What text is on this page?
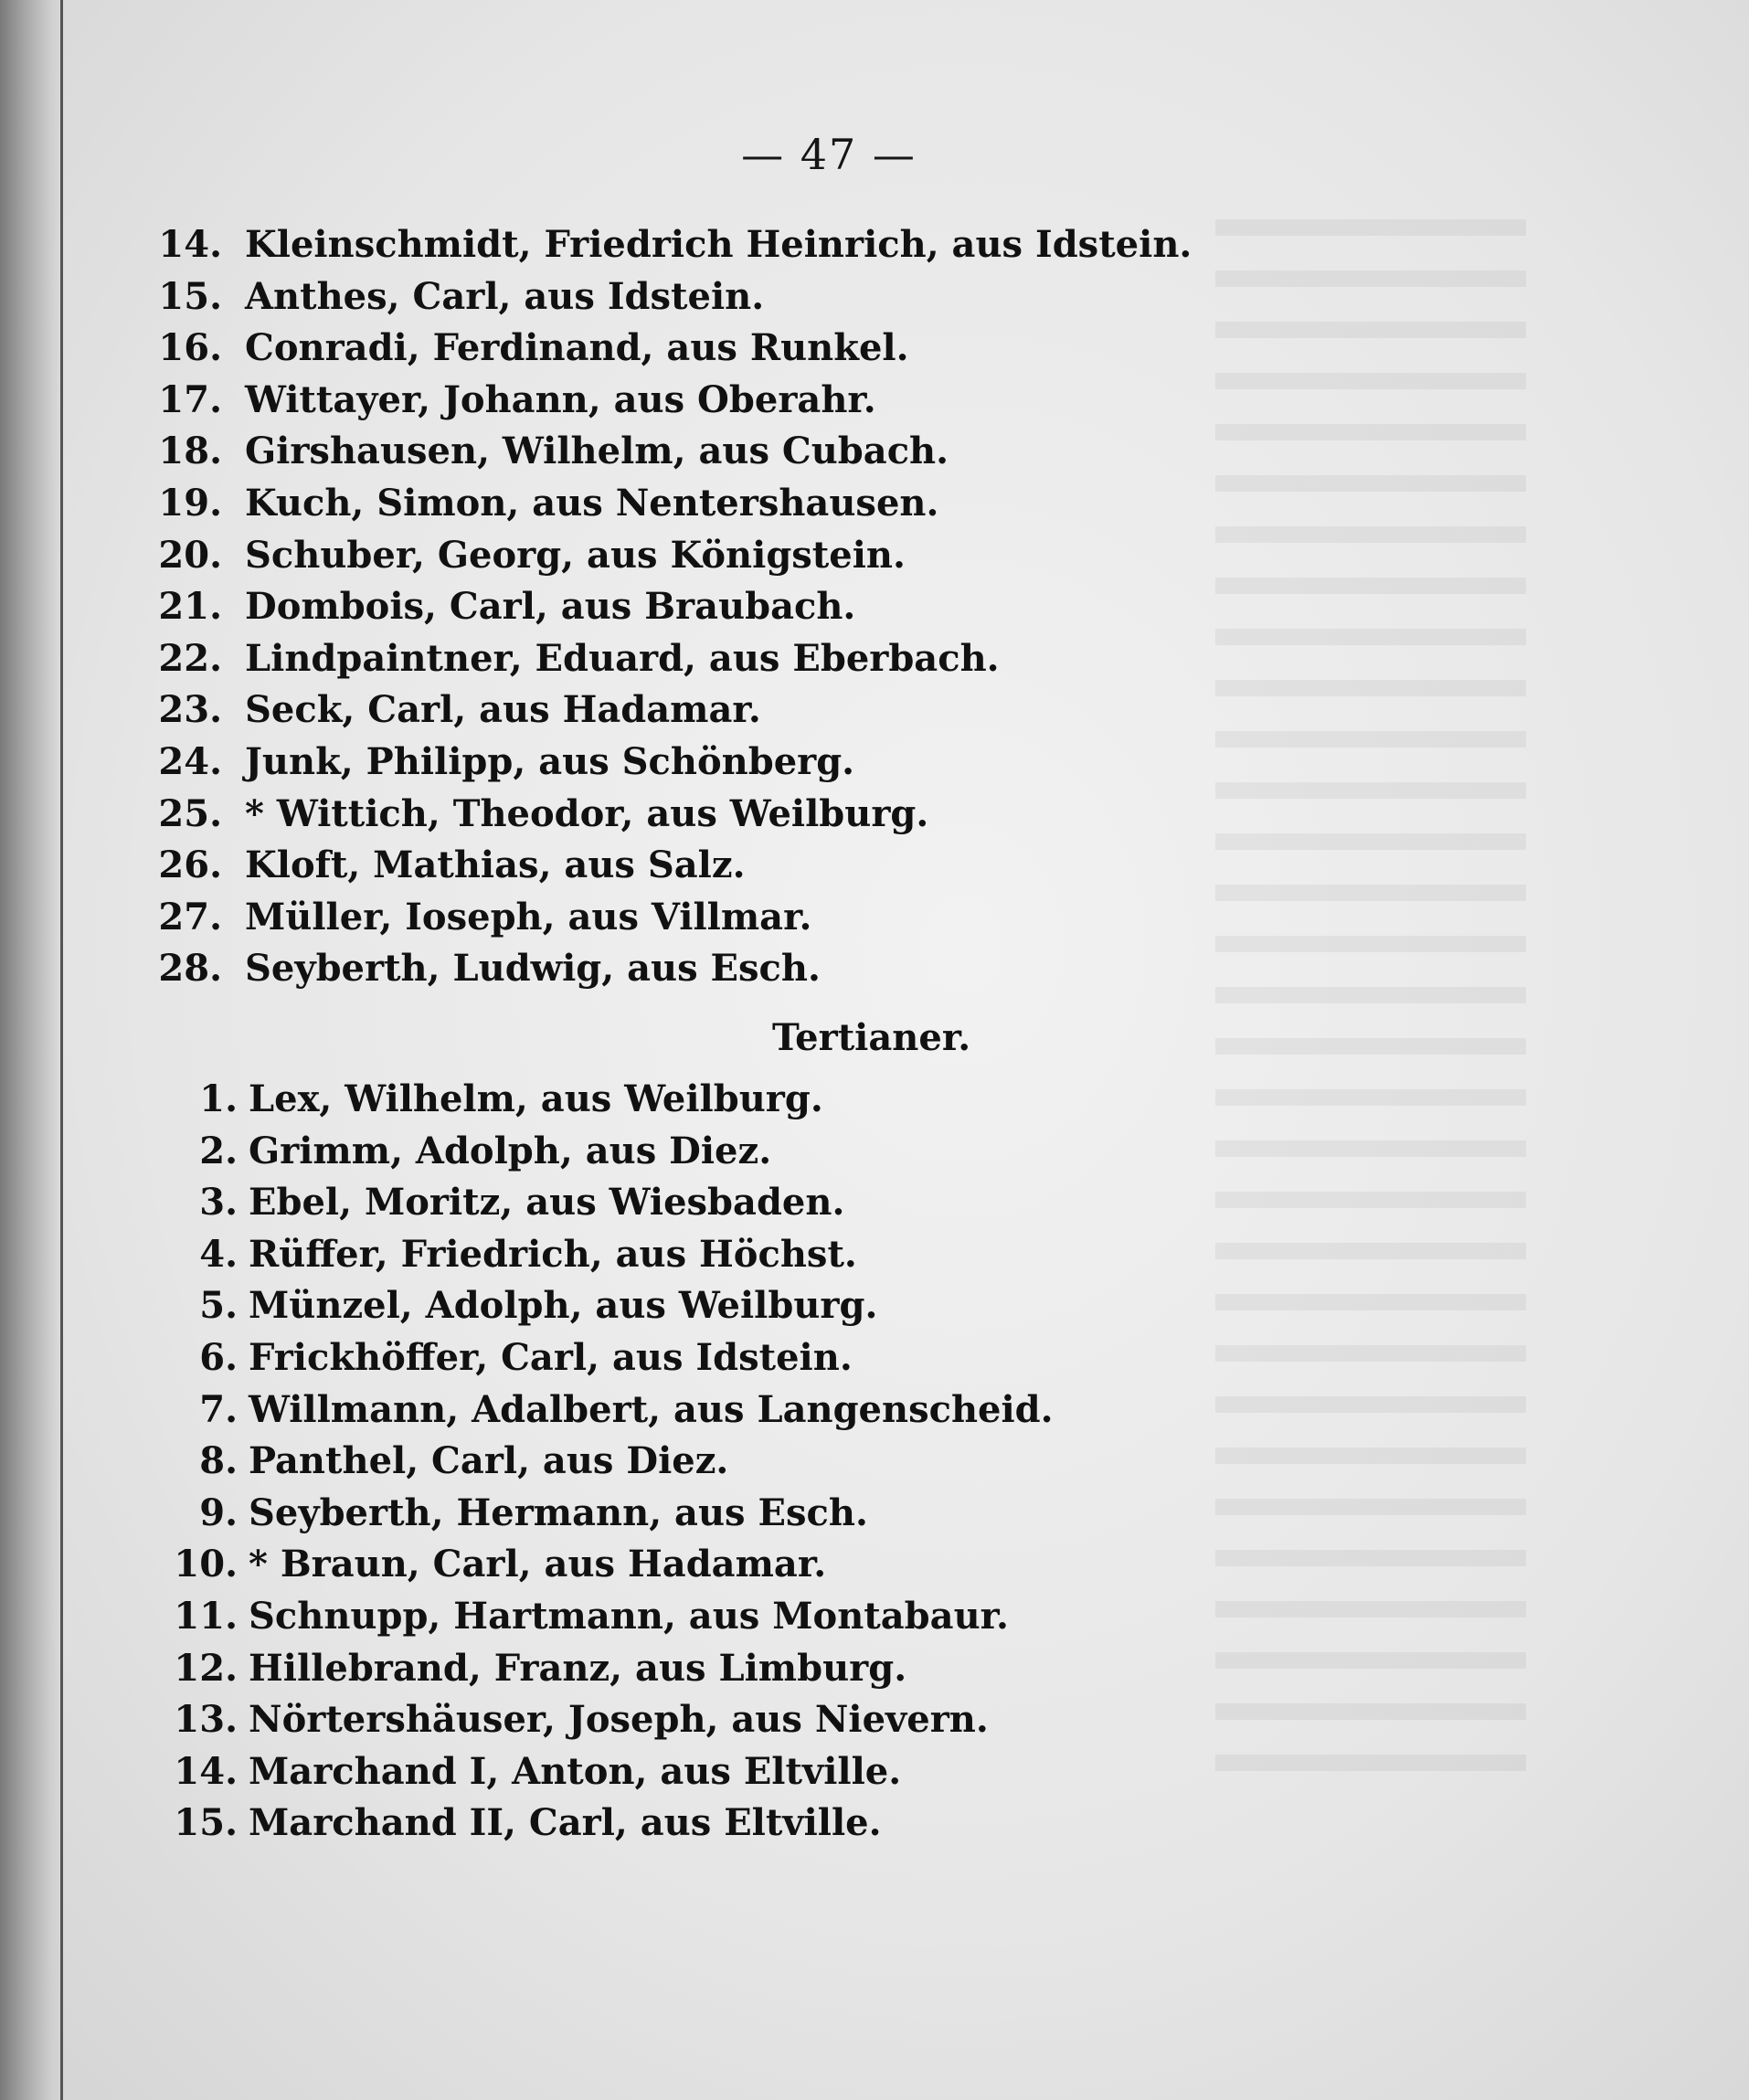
— 47 —
14. Kleinschmidt, Friedrich Heinrich, aus Idstein.
15. Anthes, Carl, aus Idstein.
16. Conradi, Ferdinand, aus Runkel.
17. Wittayer, Johann, aus Oberahr.
18. Girshausen, Wilhelm, aus Cubach.
19. Kuch, Simon, aus Nentershausen.
20. Schuber, Georg, aus Königstein.
21. Dombois, Carl, aus Braubach.
22. Lindpaintner, Eduard, aus Eberbach.
23. Seck, Carl, aus Hadamar.
24. Junk, Philipp, aus Schönberg.
25. * Wittich, Theodor, aus Weilburg.
26. Kloft, Mathias, aus Salz.
27. Müller, Ioseph, aus Villmar.
28. Seyberth, Ludwig, aus Esch.
Tertianer.
1. Lex, Wilhelm, aus Weilburg.
2. Grimm, Adolph, aus Diez.
3. Ebel, Moritz, aus Wiesbaden.
4. Rüffer, Friedrich, aus Höchst.
5. Münzel, Adolph, aus Weilburg.
6. Frickhöffer, Carl, aus Idstein.
7. Willmann, Adalbert, aus Langenscheid.
8. Panthel, Carl, aus Diez.
9. Seyberth, Hermann, aus Esch.
10. * Braun, Carl, aus Hadamar.
11. Schnupp, Hartmann, aus Montabaur.
12. Hillebrand, Franz, aus Limburg.
13. Nörtershäuser, Joseph, aus Nievern.
14. Marchand I, Anton, aus Eltville.
15. Marchand II, Carl, aus Eltville.
